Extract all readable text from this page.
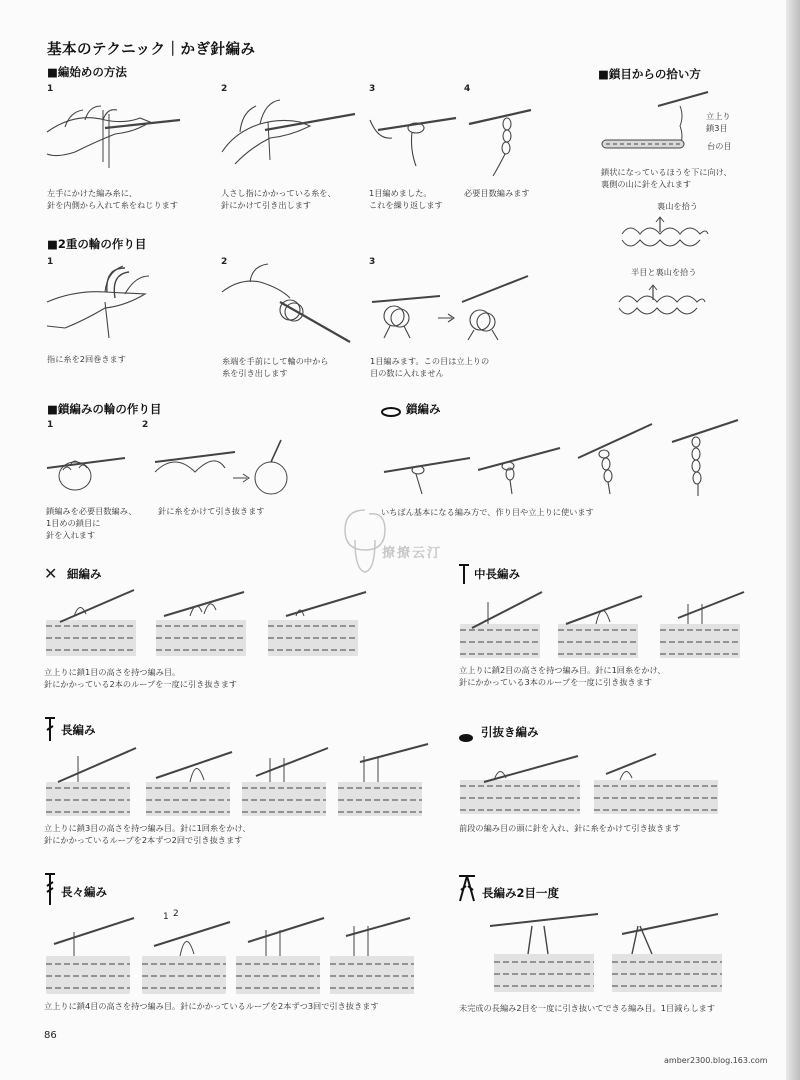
基本のテクニック｜かぎ針編み
■編始めの方法
1	2	3	4
左手にかけた編み糸に、
針を内側から入れて糸をねじります
人さし指にかかっている糸を、
針にかけて引き出します
1目編めました。
これを繰り返します
必要目数編みます
■鎖目からの拾い方
立上り
鎖3目
台の目
鎖状になっているほうを下に向け、
裏側の山に針を入れます
裏山を拾う
半目と裏山を拾う
■2重の輪の作り目
1	2	3
指に糸を2回巻きます	糸端を手前にして輪の中から
糸を引き出します
1目編みます。この目は立上りの
目の数に入れません
■鎖編みの輪の作り目
1	2
鎖編みを必要目数編み、
1目めの鎖目に
針を入れます
針に糸をかけて引き抜きます
鎖編み
いちばん基本になる編み方で、作り目や立上りに使います
撩撩云汀
✕ 細編み
立上りに鎖1目の高さを持つ編み目。
針にかかっている2本のループを一度に引き抜きます
中長編み
立上りに鎖2目の高さを持つ編み目。針に1回糸をかけ、
針にかかっている3本のループを一度に引き抜きます
長編み
立上りに鎖3目の高さを持つ編み目。針に1回糸をかけ、
針にかかっているループを2本ずつ2回で引き抜きます
引抜き編み
前段の編み目の頭に針を入れ、針に糸をかけて引き抜きます
長々編み
1 2
立上りに鎖4目の高さを持つ編み目。針にかかっているループを2本ずつ3回で引き抜きます
長編み2目一度
未完成の長編み2目を一度に引き抜いてできる編み目。1目減らします
86
amber2300.blog.163.com
